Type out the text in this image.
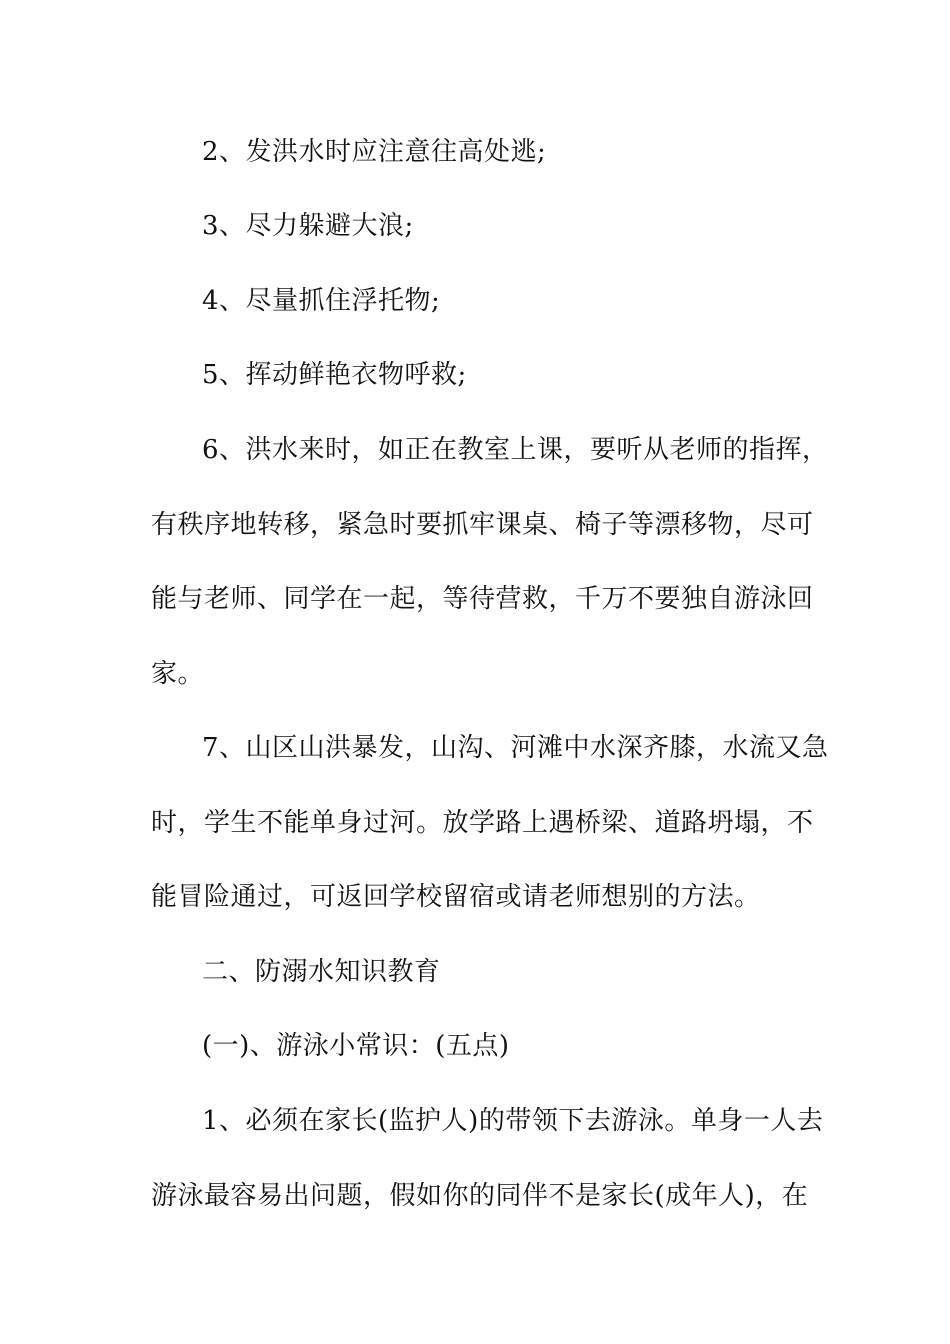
2、发洪水时应注意往高处逃;
3、尽力躲避大浪;
4、尽量抓住浮托物;
5、挥动鲜艳衣物呼救;
6、洪水来时，如正在教室上课，要听从老师的指挥，
有秩序地转移，紧急时要抓牢课桌、椅子等漂移物，尽可
能与老师、同学在一起，等待营救，千万不要独自游泳回
家。
7、山区山洪暴发，山沟、河滩中水深齐膝，水流又急
时，学生不能单身过河。放学路上遇桥梁、道路坍塌，不
能冒险通过，可返回学校留宿或请老师想别的方法。
二、防溺水知识教育
(一)、游泳小常识：(五点)
1、必须在家长(监护人)的带领下去游泳。单身一人去
游泳最容易出问题，假如你的同伴不是家长(成年人)，在
